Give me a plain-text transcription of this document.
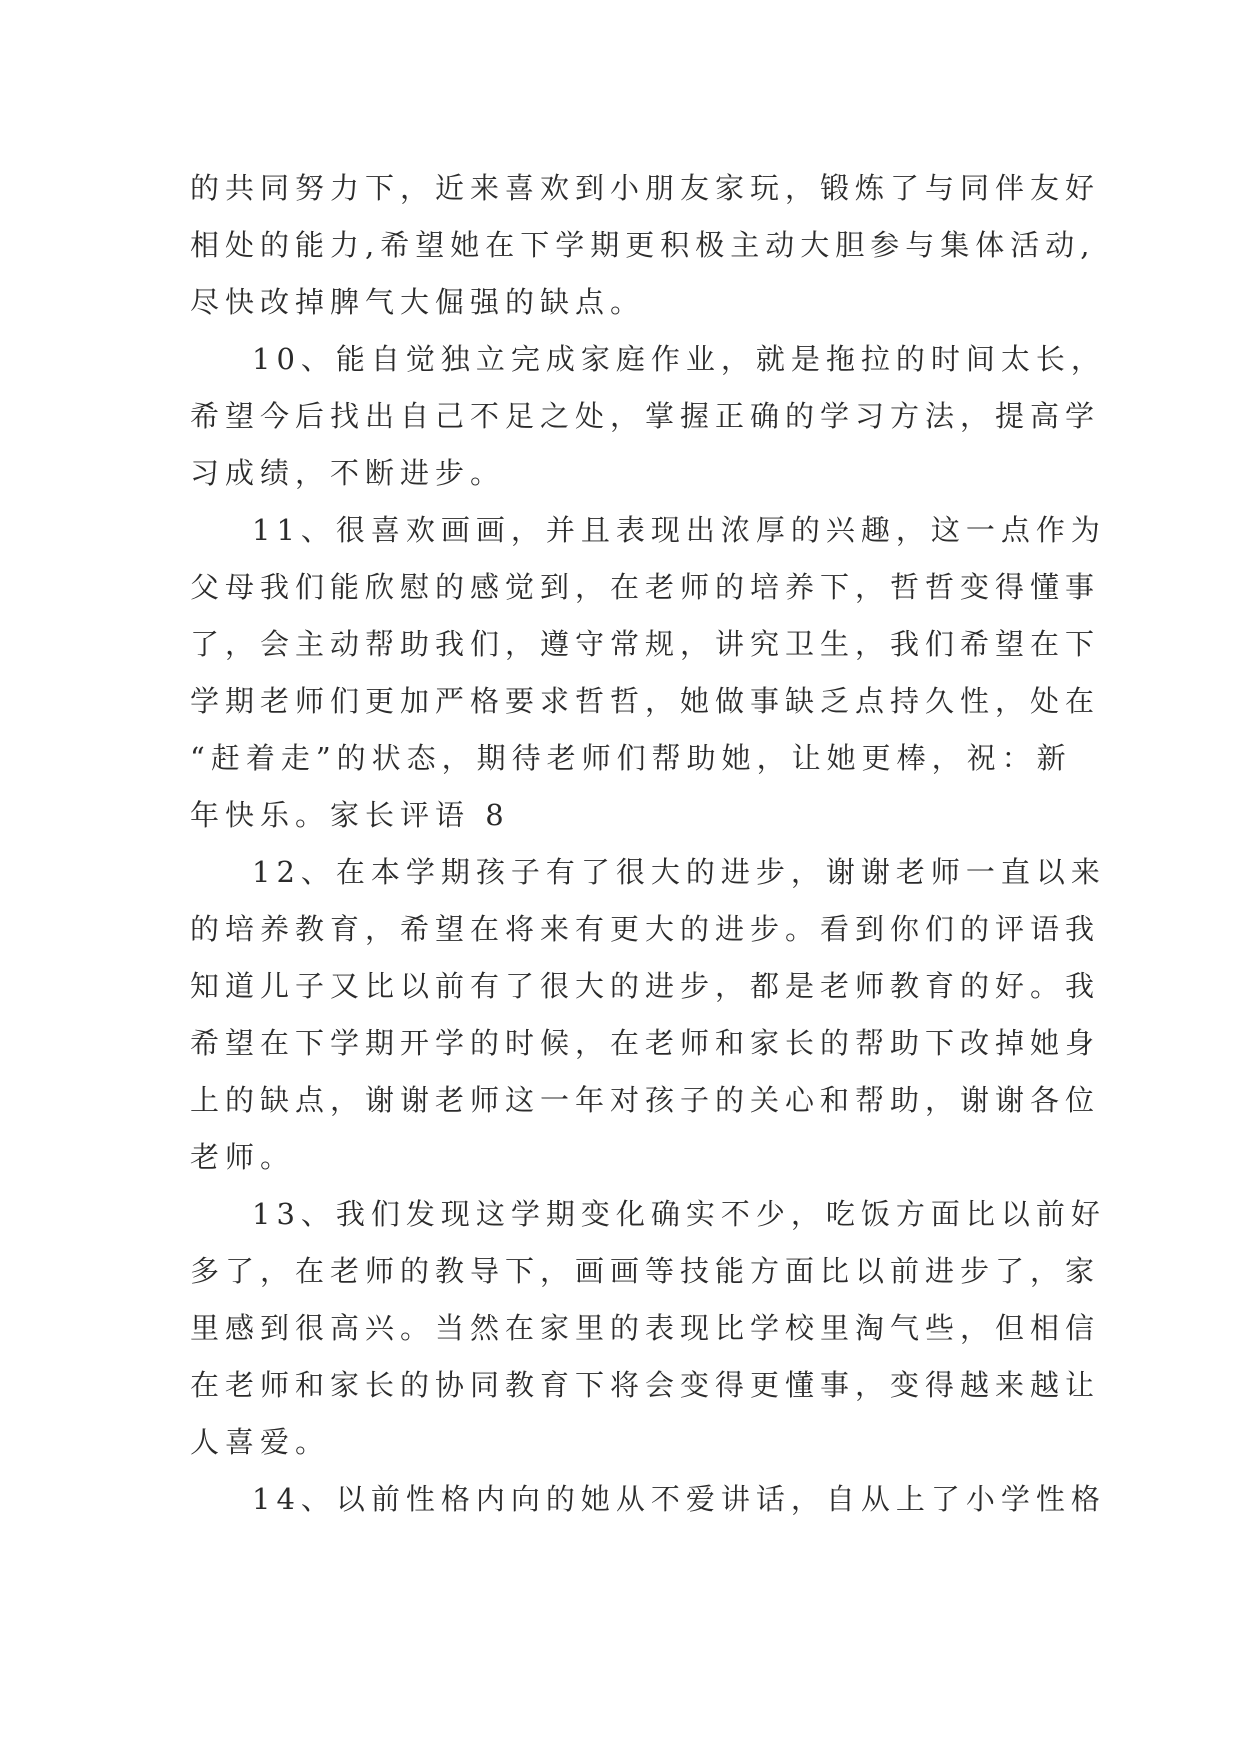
的共同努力下，近来喜欢到小朋友家玩，锻炼了与同伴友好
相处的能力,希望她在下学期更积极主动大胆参与集体活动,
尽快改掉脾气大倔强的缺点。
10、能自觉独立完成家庭作业，就是拖拉的时间太长，
希望今后找出自己不足之处，掌握正确的学习方法，提高学
习成绩，不断进步。
11、很喜欢画画，并且表现出浓厚的兴趣，这一点作为
父母我们能欣慰的感觉到，在老师的培养下，哲哲变得懂事
了，会主动帮助我们，遵守常规，讲究卫生，我们希望在下
学期老师们更加严格要求哲哲，她做事缺乏点持久性，处在
“赶着走”的状态，期待老师们帮助她，让她更棒，祝：新
年快乐。家长评语 8
12、在本学期孩子有了很大的进步，谢谢老师一直以来
的培养教育，希望在将来有更大的进步。看到你们的评语我
知道儿子又比以前有了很大的进步，都是老师教育的好。我
希望在下学期开学的时候，在老师和家长的帮助下改掉她身
上的缺点，谢谢老师这一年对孩子的关心和帮助，谢谢各位
老师。
13、我们发现这学期变化确实不少，吃饭方面比以前好
多了，在老师的教导下，画画等技能方面比以前进步了，家
里感到很高兴。当然在家里的表现比学校里淘气些，但相信
在老师和家长的协同教育下将会变得更懂事，变得越来越让
人喜爱。
14、以前性格内向的她从不爱讲话，自从上了小学性格
